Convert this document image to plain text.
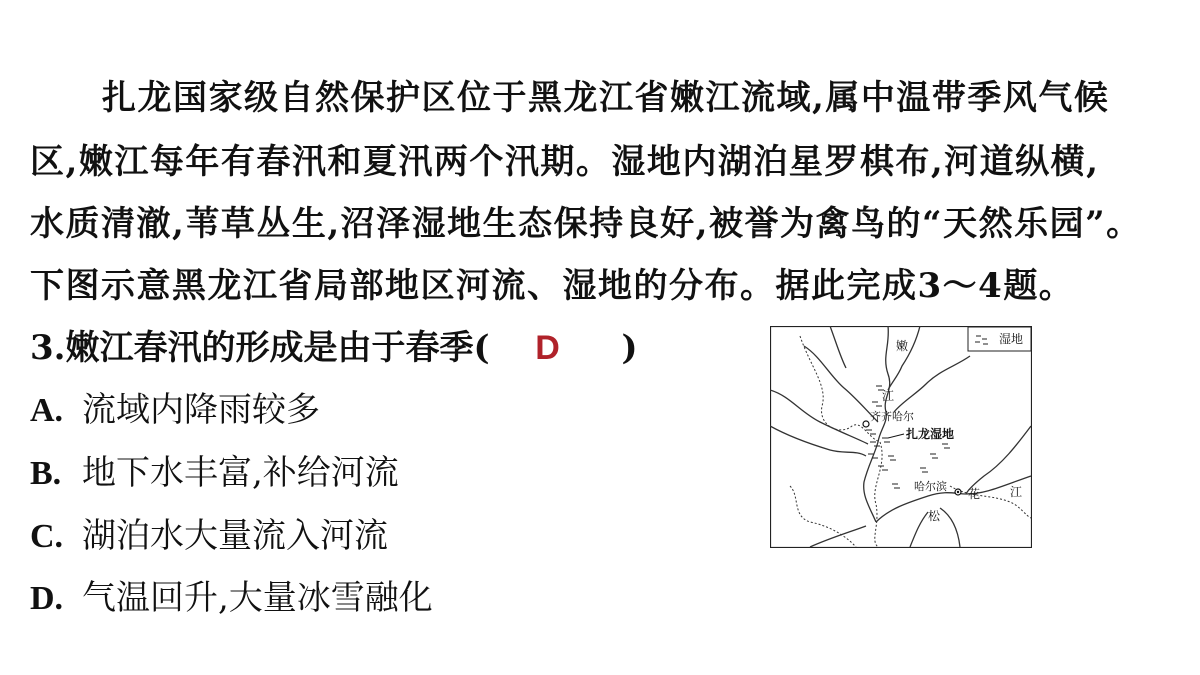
扎龙国家级自然保护区位于黑龙江省嫩江流域,属中温带季风气候
区,嫩江每年有春汛和夏汛两个汛期。湿地内湖泊星罗棋布,河道纵横,
水质清澈,苇草丛生,沼泽湿地生态保持良好,被誉为禽鸟的“天然乐园”。
下图示意黑龙江省局部地区河流、湿地的分布。据此完成3～4题。
3.嫩江春汛的形成是由于春季( D )
A. 流域内降雨较多
B. 地下水丰富,补给河流
C. 湖泊水大量流入河流
D. 气温回升,大量冰雪融化
湿地
嫩
江
齐齐哈尔
扎龙湿地
哈尔滨
花 江
松
